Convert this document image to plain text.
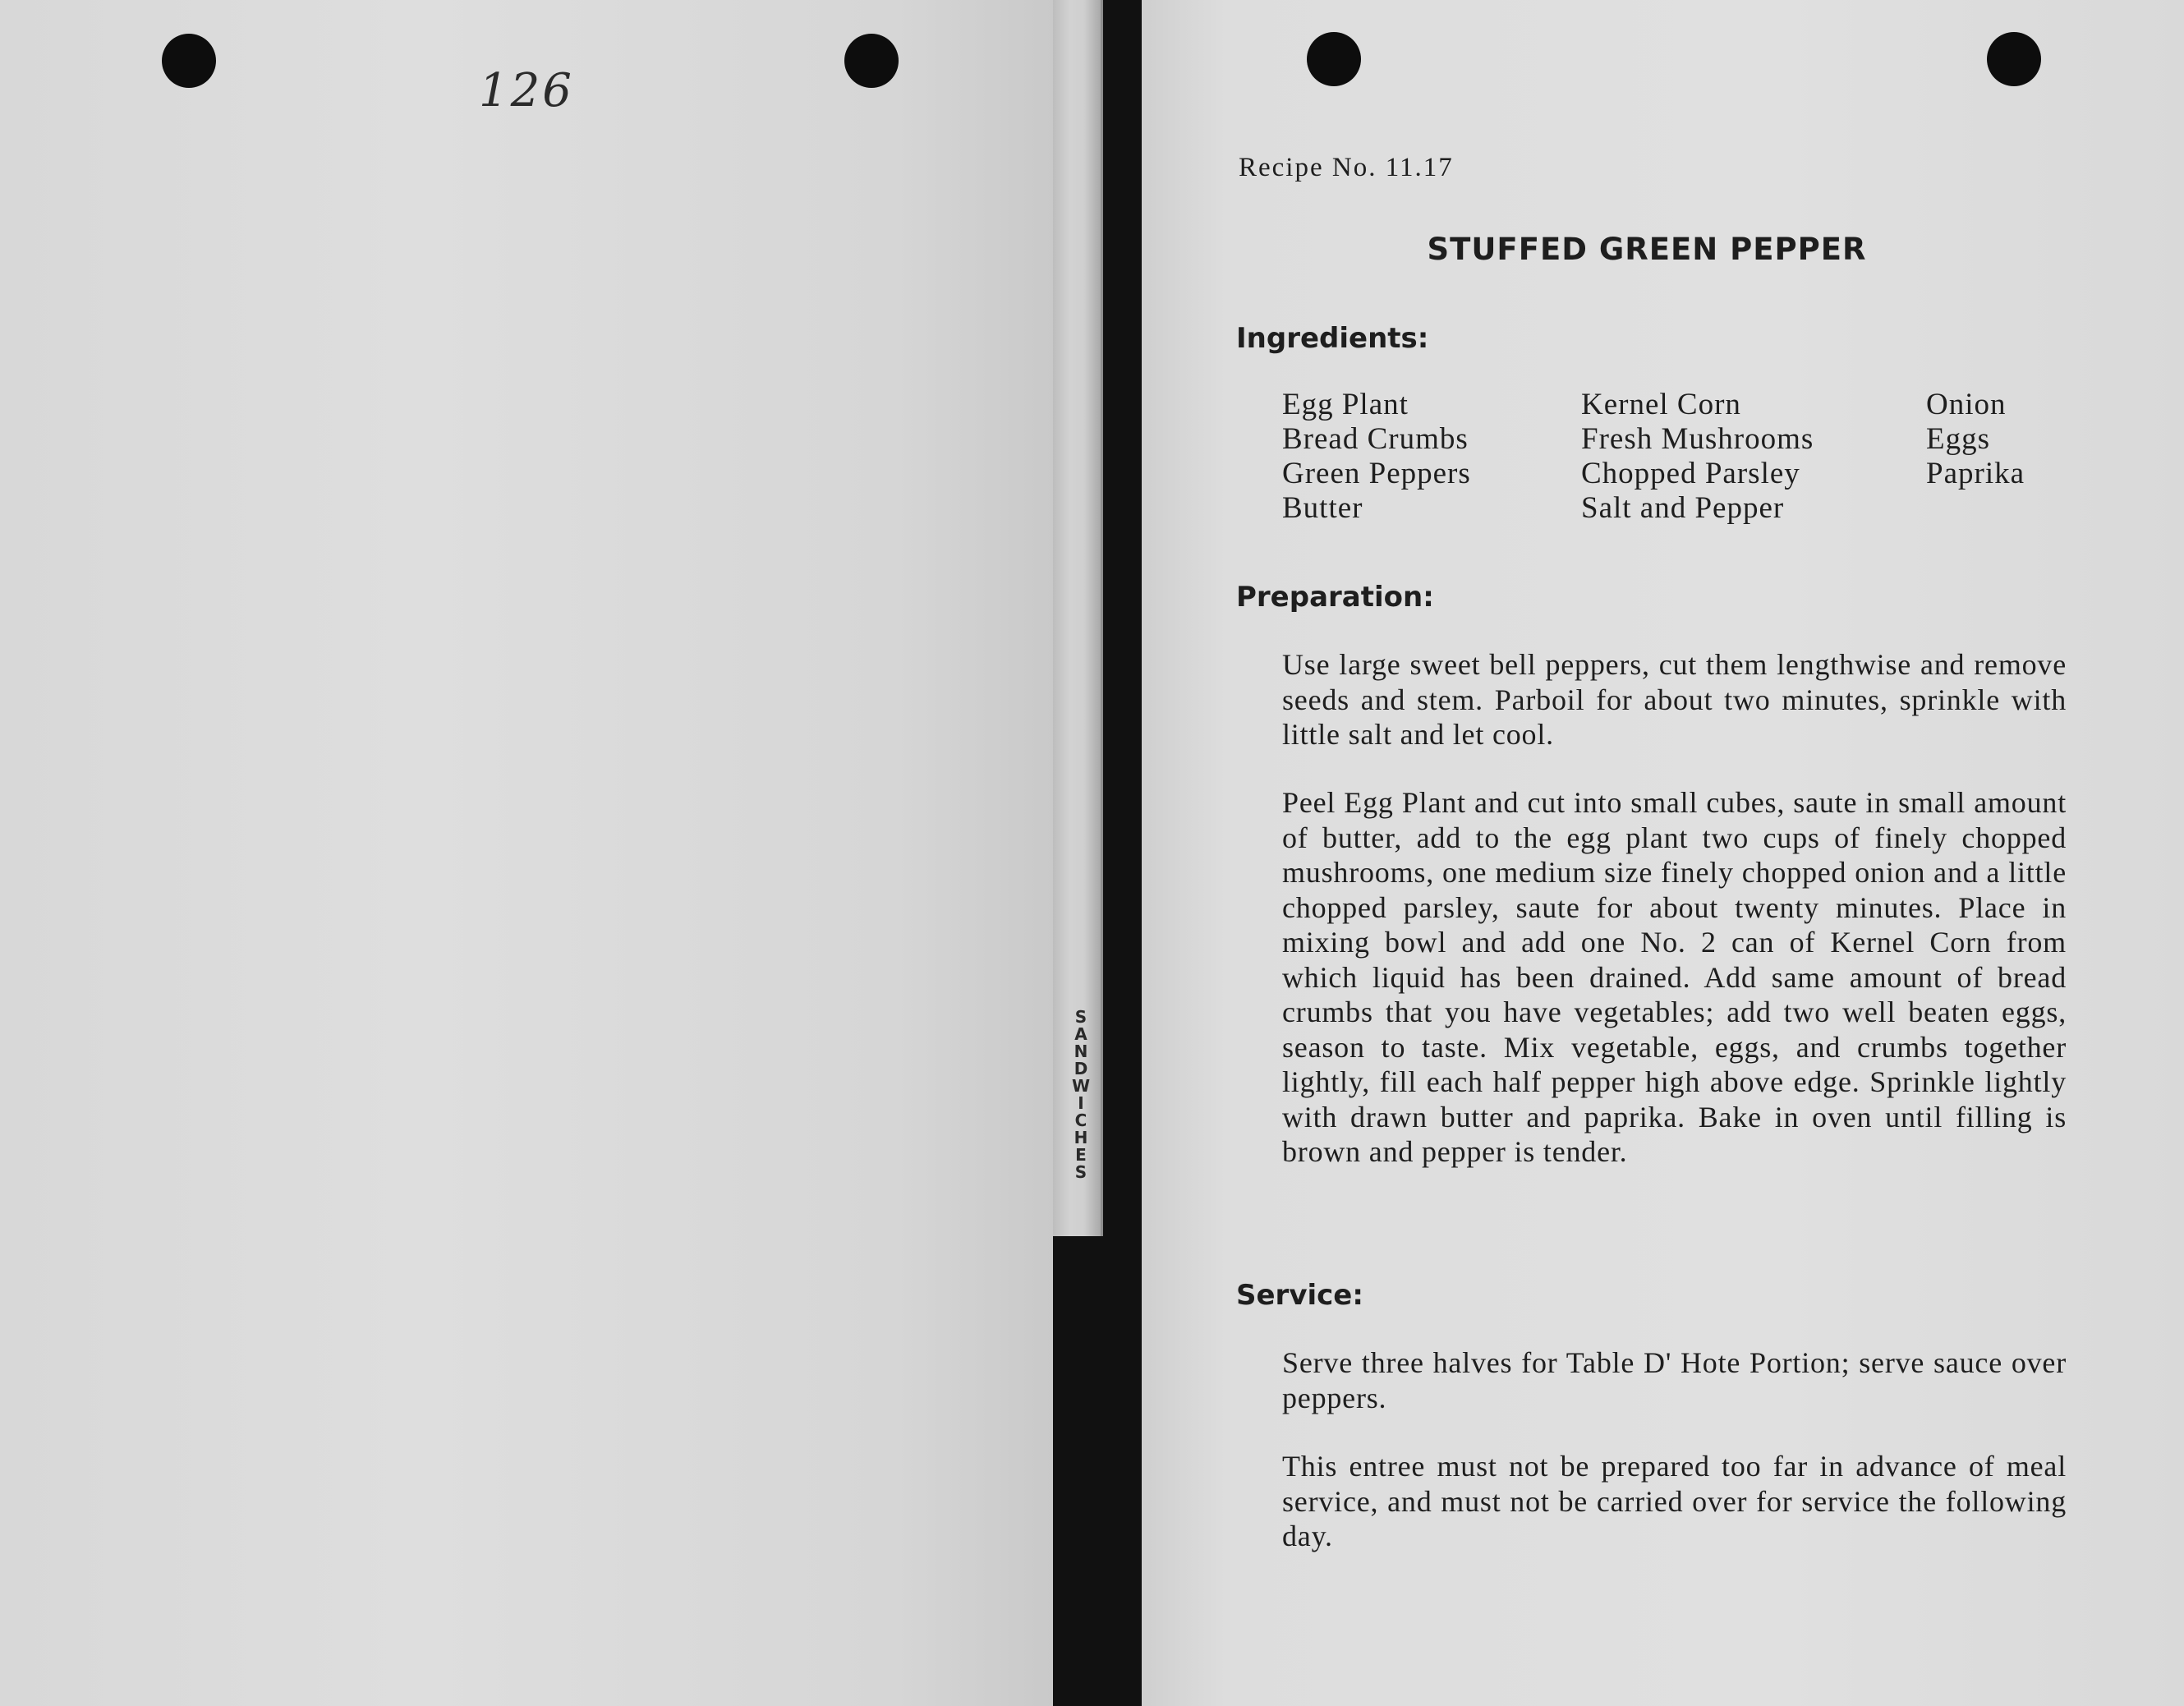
126
SANDWICHES
Recipe No. 11.17
STUFFED GREEN PEPPER
Ingredients:
Egg Plant
Bread Crumbs
Green Peppers
Butter
Kernel Corn
Fresh Mushrooms
Chopped Parsley
Salt and Pepper
Onion
Eggs
Paprika
Preparation:
Use large sweet bell peppers, cut them lengthwise and remove seeds and stem. Parboil for about two minutes, sprinkle with little salt and let cool.
Peel Egg Plant and cut into small cubes, saute in small amount of butter, add to the egg plant two cups of finely chopped mushrooms, one medium size finely chopped onion and a little chopped parsley, saute for about twenty minutes. Place in mixing bowl and add one No. 2 can of Kernel Corn from which liquid has been drained. Add same amount of bread crumbs that you have vegetables; add two well beaten eggs, season to taste. Mix vegetable, eggs, and crumbs together lightly, fill each half pepper high above edge. Sprinkle lightly with drawn butter and paprika. Bake in oven until filling is brown and pepper is tender.
Service:
Serve three halves for Table D' Hote Portion; serve sauce over peppers.
This entree must not be prepared too far in advance of meal service, and must not be carried over for service the following day.
